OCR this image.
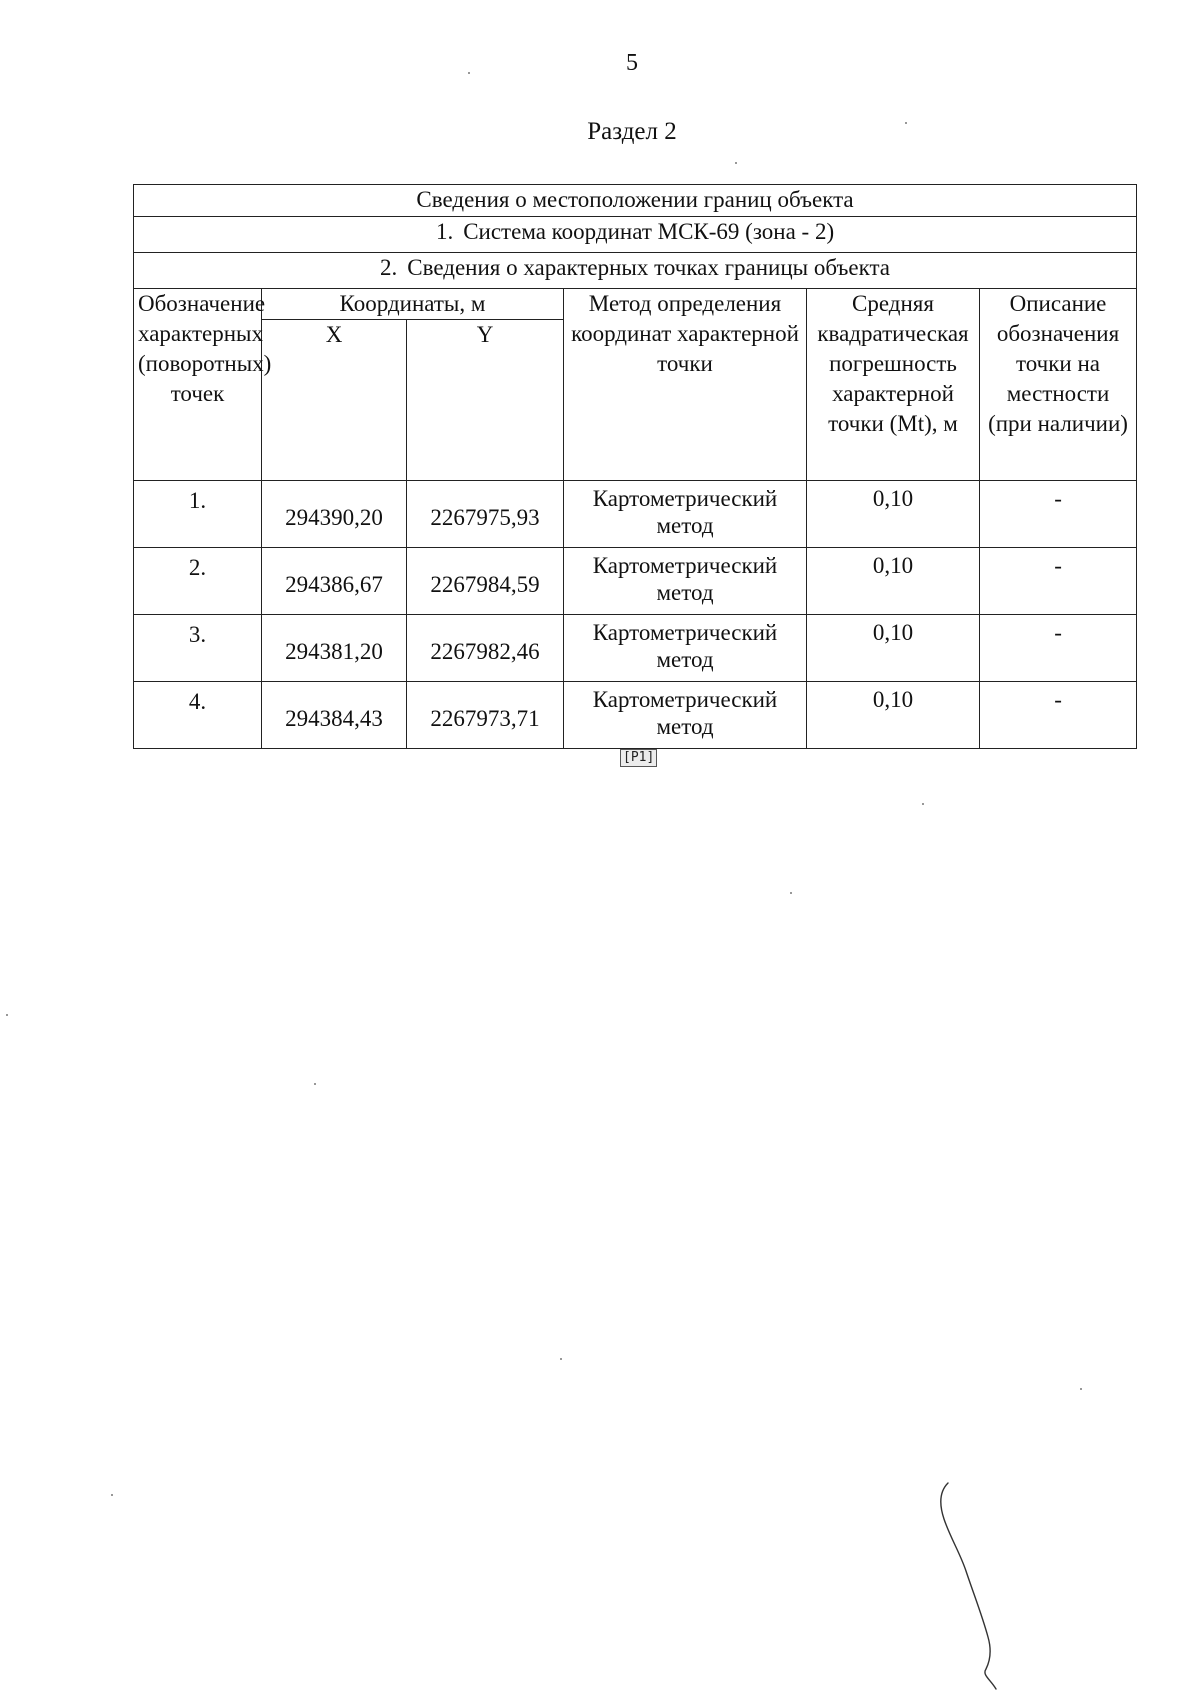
5
Раздел 2
Сведения о местоположении границ объекта					
1. Система координат МСК-69 (зона - 2)					
2. Сведения о характерных точках границы объекта					
Обозначение характерных (поворотных) точек	Координаты, м		Метод определения координат характерной точки	Средняя квадратическая погрешность характерной точки (Mt), м	Описание обозначения точки на местности (при наличии)
	X	Y			
1.	294390,20	2267975,93	Картометрический метод	0,10	-
2.	294386,67	2267984,59	Картометрический метод	0,10	-
3.	294381,20	2267982,46	Картометрический метод	0,10	-
4.	294384,43	2267973,71	Картометрический метод	0,10	-
[P1]
